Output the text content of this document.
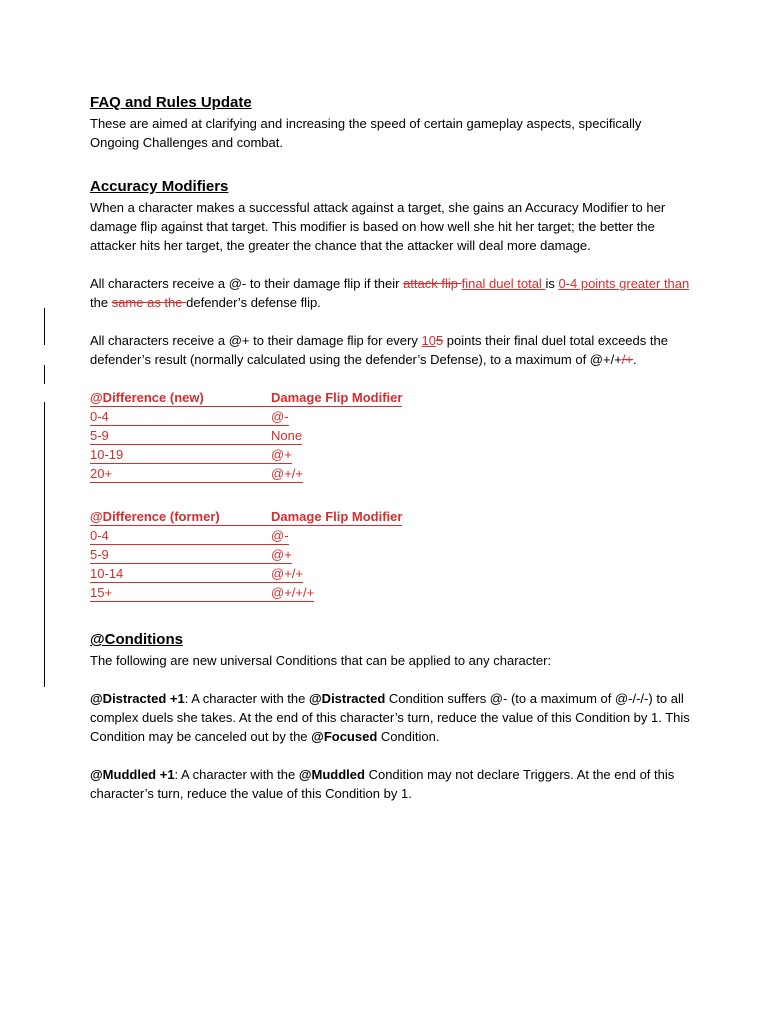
FAQ and Rules Update

These are aimed at clarifying and increasing the speed of certain gameplay aspects, specifically Ongoing Challenges and combat.

Accuracy Modifiers

When a character makes a successful attack against a target, she gains an Accuracy Modifier to her damage flip against that target. This modifier is based on how well she hit her target; the better the attacker hits her target, the greater the chance that the attacker will deal more damage.

All characters receive a @- to their damage flip if their attack flip final duel total is 0-4 points greater than the same as the defender’s defense flip.

All characters receive a @+ to their damage flip for every 105 points their final duel total exceeds the defender’s result (normally calculated using the defender’s Defense), to a maximum of @+/+/+.

@Difference (new)	Damage Flip Modifier
0-4	@-
5-9	None
10-19	@+
20+	@+/+
@Difference (former)	Damage Flip Modifier
0-4	@-
5-9	@+
10-14	@+/+
15+	@+/+/+
@Conditions

The following are new universal Conditions that can be applied to any character:

@Distracted +1: A character with the @Distracted Condition suffers @- (to a maximum of @-/-/-) to all complex duels she takes. At the end of this character’s turn, reduce the value of this Condition by 1. This Condition may be canceled out by the @Focused Condition.

@Muddled +1: A character with the @Muddled Condition may not declare Triggers. At the end of this character’s turn, reduce the value of this Condition by 1.
